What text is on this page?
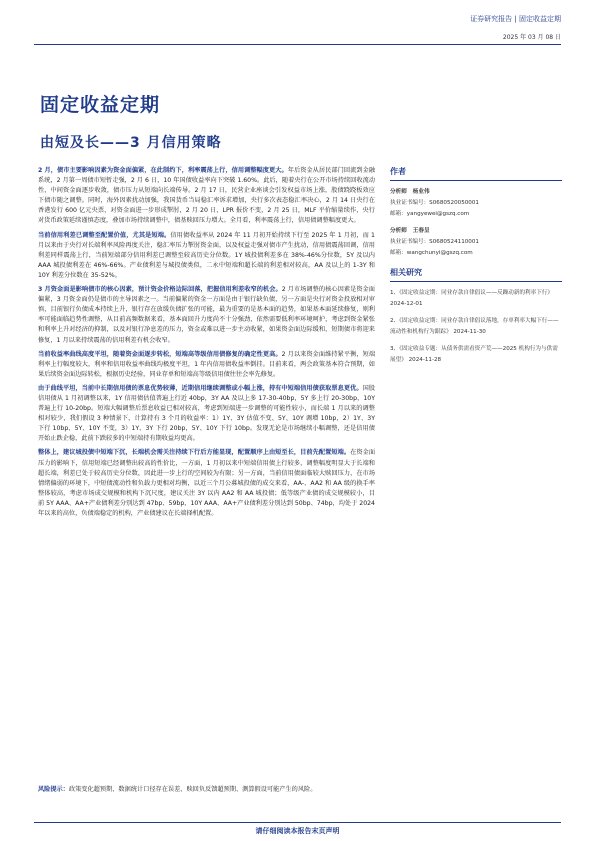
证券研究报告 | 固定收益定期
2025 年 03 月 08 日
固定收益定期
由短及长——3 月信用策略

2 月，债市主要影响因素为资金面偏紧，在此制约下，利率震荡上行，信用调整幅度更大。年后资金从居民部门回流到金融系统，2 月第一周债市短暂走强，2 月 6 日，10 年国债收益率向下突破 1.60%。此后，随着央行在公开市场持续回收流动性，中间资金面逐步收敛，债市压力从短端向长端传导。2 月 17 日，民营企业座谈会引发权益市场上涨，股债跷跷板效应下债市随之调整。同时，海外因素扰动加强，我国货币当局稳汇率诉求增加，央行多次表态稳汇率决心，2 月 14 日央行在香港发行 600 亿元央票，对资金面进一步形成掣肘，2 月 20 日，LPR 报价不变，2 月 25 日，MLF 平价缩量续作，央行对货币政策延续谨慎态度，叠加市场持续调整中，债基赎回压力增大。全月看，利率震荡上行，信用债调整幅度更大。

当前信用利差已调整至配置价值，尤其是短端。信用债收益率从 2024 年 11 月初开始持续下行至 2025 年 1 月初，而 1 月以来由于央行对长端利率风险再度关注，稳汇率压力掣肘资金面，以及权益走强对债市产生扰动，信用债震荡回调，信用利差同样震荡上行，当前短端部分信用利差已调整至较高历史分位数。1Y 城投债利差多在 38%-46%分位数，5Y 及以内 AAA 城投债利差在 46%-66%。产业债利差与城投债类似，二永中短端和超长端的利差相对较高，AA 及以上的 1-3Y 和 10Y 利差分位数在 35-52%。

3 月资金面是影响债市的核心因素，预计资金价格边际回落，把握信用利差收窄的机会。2 月市场调整的核心因素是资金面偏紧，3 月资金面仍是债市的主导因素之一。当前偏紧的资金一方面是由于银行缺负债，另一方面是央行对资金投放相对审慎，目前银行负债成本持续上升，银行存在放缓负债扩张的可能，最为重要的是基本面的趋势，如果基本面延续修复，则利率可能面临趋势性调整，从目前高频数据来看，基本面回升力度尚不十分强劲，依然需要低利率环境呵护，考虑到资金紧张和利率上升对经济的抑制，以及对银行净息差的压力，资金或难以进一步主动收紧，如果资金面边际缓和，短期债市将迎来修复，1 月以来持续震荡的信用利差有机会收窄。

当前收益率曲线高度平坦，随着资金面逐步转松，短端高等级信用债修复的确定性更高。2 月以来资金面维持紧平衡，短端利率上行幅度较大，利率和信用收益率曲线均极度平坦，1 年内信用债收益率倒挂。目前来看，两会政策基本符合预期，如果后续资金面边际转松，根据历史经验，同业存单和短端高等级信用债往往会率先修复。

由于曲线平坦，当前中长期信用债的票息优势较薄，近期信用继续调整或小幅上涨，持有中短端信用债获取票息更优。国股信用债从 1 月初调整以来，1Y 信用债估值普遍上行近 40bp，3Y AA 及以上多 17-30-40bp，5Y 多上行 20-30bp，10Y 普遍上行 10-20bp。短端大幅调整后票息收益已相对较高，考虑到短端进一步调整的可能性较小，而长端 1 月以来的调整相对较少，我们假设 3 种情景下，计算持有 3 个月的收益率：1）1Y、3Y 估值不变、5Y、10Y 调增 10bp，2）1Y、3Y 下行 10bp、5Y、10Y 不变，3）1Y、3Y 下行 20bp，5Y、10Y 下行 10bp。发现无论是市场继续小幅调整，还是信用债开始止跌企稳，此前下跌较多的中短端持有期收益均更高。

整体上，建议城投债中短端下沉，长端机会需关注持续下行后方能显现，配置顺序上由短至长，目前先配置短端。在资金面压力的影响下，信用短端已经调整出较高的性价比，一方面，1 月初以来中短端信用债上行较多，调整幅度明显大于长端和超长端，利差已处于较高历史分位数，因此进一步上行的空间较为有限；另一方面，当前信用债面临较大赎回压力，在市场情绪偏弱的环境下，中短债流动性和负载力更相对均衡，以近三个月公募城投债的成交来看，AA-、AA2 和 AA 级的换手率整体较高，考虑市场成交规模和机构下沉尺度，建议关注 3Y 以内 AA2 和 AA 城投债；低等级产业债的成交规模较小，目前 5Y AAA、AA+产业债利差分别达到 47bp、59bp，10Y AAA、AA+产业债利差分别达到 50bp、74bp，均处于 2024 年以来的高位，负债端稳定的机构，产业债建议在长端择机配置。

风险提示：政策变化超预期、数据统计口径存在误差、赎回负反馈超预期、测算假设可能产生的风险。
作者
分析师 杨业伟
执业证书编号：S0680520050001
邮箱：yangyewei@gszq.com
分析师 王春呈
执业证书编号：S0680524110001
邮箱：wangchunyi@gszq.com
相关研究
1、《固定收益定期：同业存款自律倡议——反躁动新的利率下行》 2024-12-01
2、《固定收益定期：同业存款自律倡议落地，存单利率大幅下行——流动性和机构行为跟踪》 2024-11-30
3、《固定收益专题：从债务供需看资产荒——2025 机构行为与供需展望》 2024-11-28
请仔细阅读本报告末页声明
